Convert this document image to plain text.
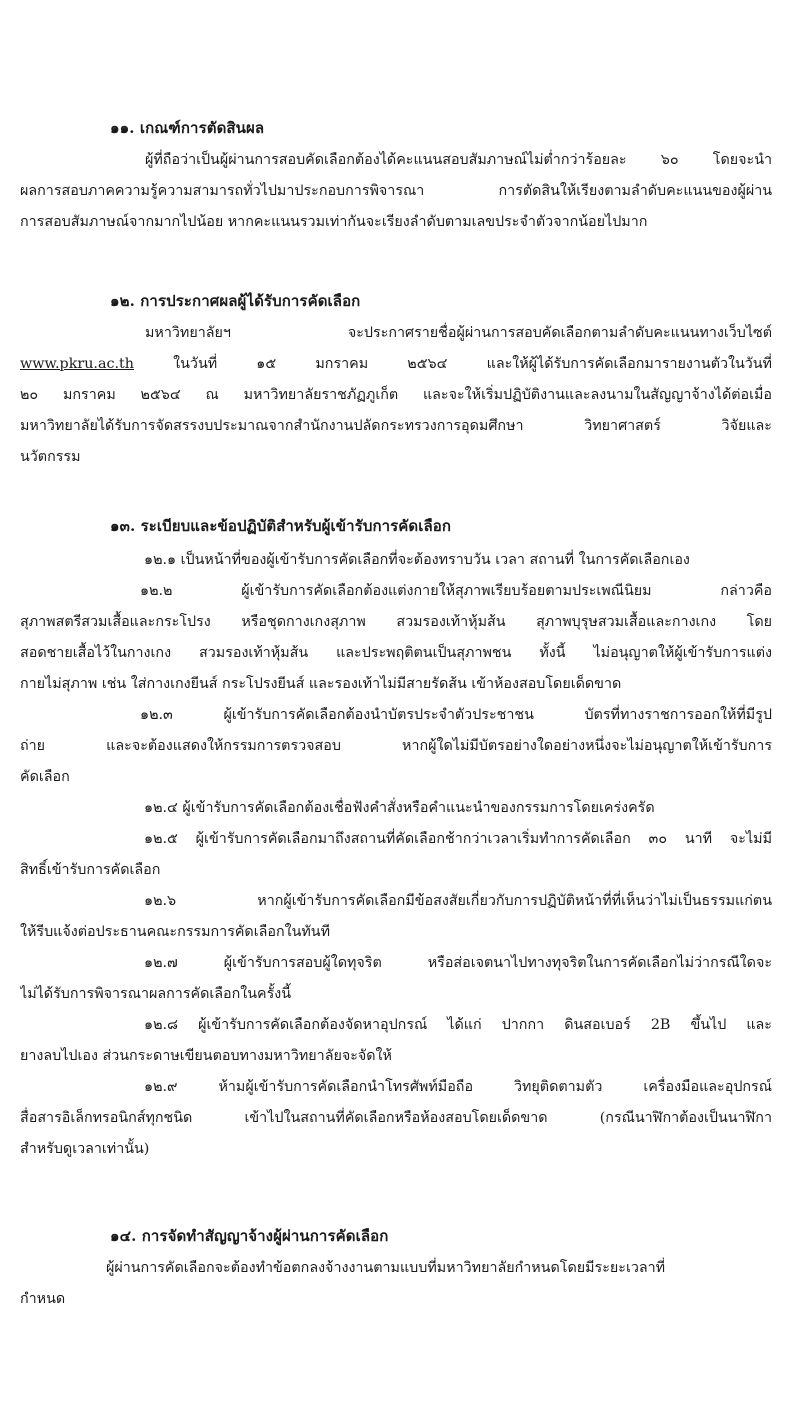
๑๑. เกณฑ์การตัดสินผล
ผู้ที่ถือว่าเป็นผู้ผ่านการสอบคัดเลือกต้องได้คะแนนสอบสัมภาษณ์ไม่ต่ำกว่าร้อยละ ๖๐ โดยจะนำ
ผลการสอบภาคความรู้ความสามารถทั่วไปมาประกอบการพิจารณา การตัดสินให้เรียงตามลำดับคะแนนของผู้ผ่าน
การสอบสัมภาษณ์จากมากไปน้อย หากคะแนนรวมเท่ากันจะเรียงลำดับตามเลขประจำตัวจากน้อยไปมาก
๑๒. การประกาศผลผู้ได้รับการคัดเลือก
มหาวิทยาลัยฯ จะประกาศรายชื่อผู้ผ่านการสอบคัดเลือกตามลำดับคะแนนทางเว็บไซต์
www.pkru.ac.th ในวันที่ ๑๕ มกราคม ๒๕๖๔ และให้ผู้ได้รับการคัดเลือกมารายงานตัวในวันที่
๒๐ มกราคม ๒๕๖๔ ณ มหาวิทยาลัยราชภัฏภูเก็ต และจะให้เริ่มปฏิบัติงานและลงนามในสัญญาจ้างได้ต่อเมื่อ
มหาวิทยาลัยได้รับการจัดสรรงบประมาณจากสำนักงานปลัดกระทรวงการอุดมศึกษา วิทยาศาสตร์ วิจัยและ
นวัตกรรม
๑๓. ระเบียบและข้อปฏิบัติสำหรับผู้เข้ารับการคัดเลือก
๑๒.๑ เป็นหน้าที่ของผู้เข้ารับการคัดเลือกที่จะต้องทราบวัน เวลา สถานที่ ในการคัดเลือกเอง
๑๒.๒ ผู้เข้ารับการคัดเลือกต้องแต่งกายให้สุภาพเรียบร้อยตามประเพณีนิยม กล่าวคือ
สุภาพสตรีสวมเสื้อและกระโปรง หรือชุดกางเกงสุภาพ สวมรองเท้าหุ้มส้น สุภาพบุรุษสวมเสื้อและกางเกง โดย
สอดชายเสื้อไว้ในกางเกง สวมรองเท้าหุ้มส้น และประพฤติตนเป็นสุภาพชน ทั้งนี้ ไม่อนุญาตให้ผู้เข้ารับการแต่ง
กายไม่สุภาพ เช่น ใส่กางเกงยีนส์ กระโปรงยีนส์ และรองเท้าไม่มีสายรัดส้น เข้าห้องสอบโดยเด็ดขาด
๑๒.๓ ผู้เข้ารับการคัดเลือกต้องนำบัตรประจำตัวประชาชน บัตรที่ทางราชการออกให้ที่มีรูป
ถ่าย และจะต้องแสดงให้กรรมการตรวจสอบ หากผู้ใดไม่มีบัตรอย่างใดอย่างหนึ่งจะไม่อนุญาตให้เข้ารับการ
คัดเลือก
๑๒.๔ ผู้เข้ารับการคัดเลือกต้องเชื่อฟังคำสั่งหรือคำแนะนำของกรรมการโดยเคร่งครัด
๑๒.๕ ผู้เข้ารับการคัดเลือกมาถึงสถานที่คัดเลือกช้ากว่าเวลาเริ่มทำการคัดเลือก ๓๐ นาที จะไม่มี
สิทธิ์เข้ารับการคัดเลือก
๑๒.๖ หากผู้เข้ารับการคัดเลือกมีข้อสงสัยเกี่ยวกับการปฏิบัติหน้าที่ที่เห็นว่าไม่เป็นธรรมแก่ตน
ให้รีบแจ้งต่อประธานคณะกรรมการคัดเลือกในทันที
๑๒.๗ ผู้เข้ารับการสอบผู้ใดทุจริต หรือส่อเจตนาไปทางทุจริตในการคัดเลือกไม่ว่ากรณีใดจะ
ไม่ได้รับการพิจารณาผลการคัดเลือกในครั้งนี้
๑๒.๘ ผู้เข้ารับการคัดเลือกต้องจัดหาอุปกรณ์ ได้แก่ ปากกา ดินสอเบอร์ 2B ขึ้นไป และ
ยางลบไปเอง ส่วนกระดาษเขียนตอบทางมหาวิทยาลัยจะจัดให้
๑๒.๙ ห้ามผู้เข้ารับการคัดเลือกนำโทรศัพท์มือถือ วิทยุติดตามตัว เครื่องมือและอุปกรณ์
สื่อสารอิเล็กทรอนิกส์ทุกชนิด เข้าไปในสถานที่คัดเลือกหรือห้องสอบโดยเด็ดขาด (กรณีนาฬิกาต้องเป็นนาฬิกา
สำหรับดูเวลาเท่านั้น)
๑๔. การจัดทำสัญญาจ้างผู้ผ่านการคัดเลือก
ผู้ผ่านการคัดเลือกจะต้องทำข้อตกลงจ้างงานตามแบบที่มหาวิทยาลัยกำหนดโดยมีระยะเวลาที่
กำหนด
